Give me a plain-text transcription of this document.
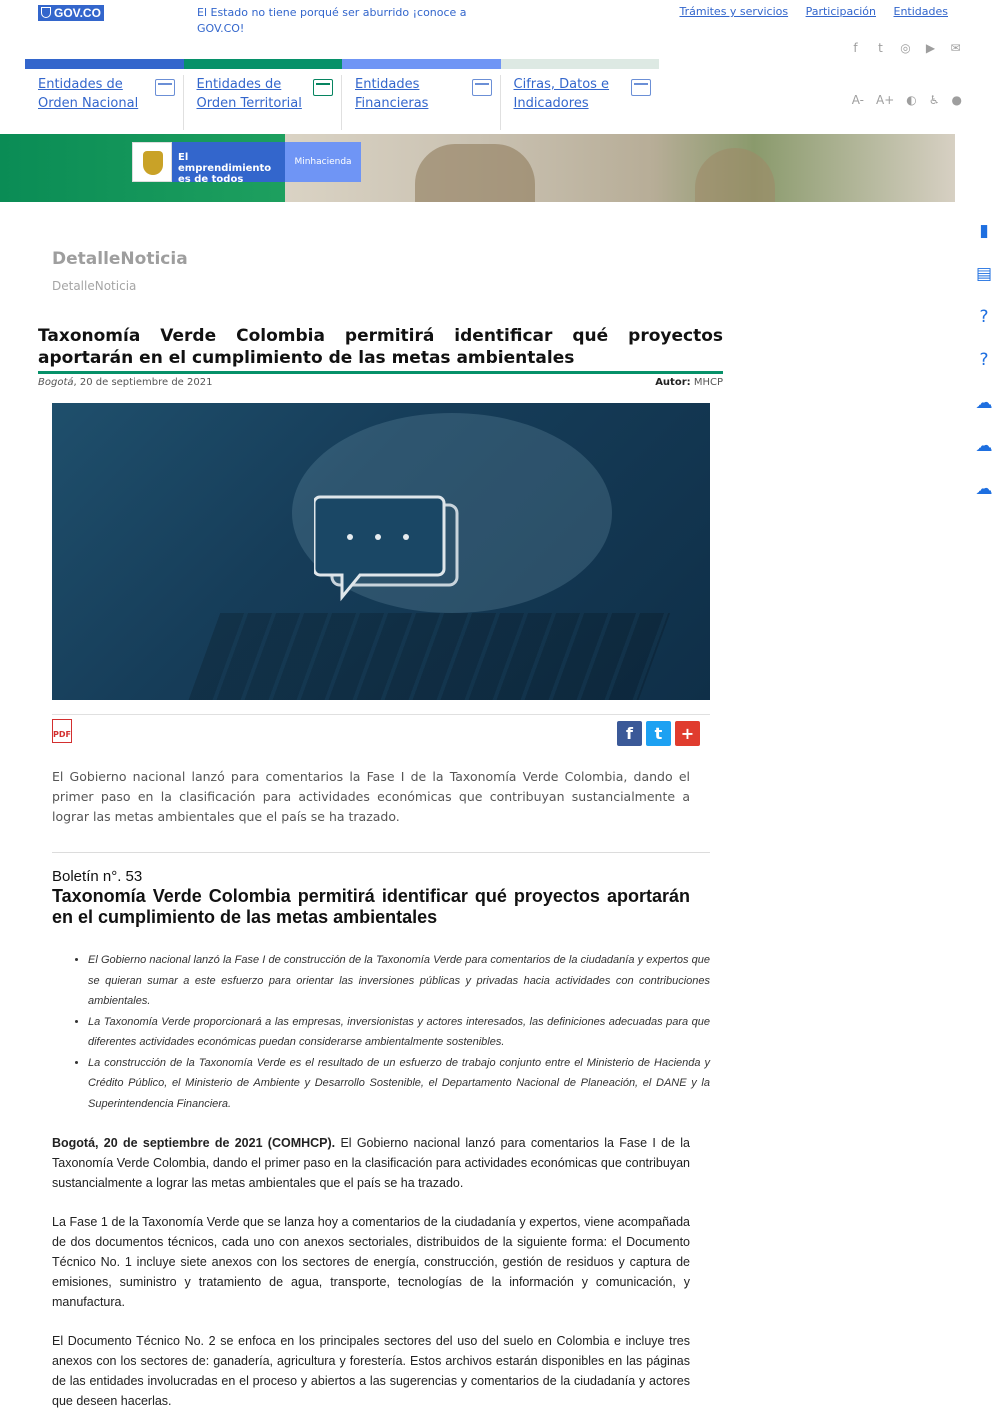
GOV.CO	El Estado no tiene porqué ser aburrido ¡conoce a GOV.CO!
Trámites y servicios Participación Entidades
f	t	◎ ▶ ✉
Entidades de Orden Nacional
Entidades de Orden Territorial
Entidades Financieras
Cifras, Datos e Indicadores	A- A+ ◐ ♿ ●
El emprendimiento es de todos
Minhacienda
▮
▤
?
?
☁
☁
☁
DetalleNoticia
DetalleNoticia
Taxonomía Verde Colombia permitirá identificar qué proyectos aportarán en el cumplimiento de las metas ambientales
Bogotá, 20 de septiembre de 2021	Autor: MHCP
PDF	f	t	+

El Gobierno nacional lanzó para comentarios la Fase I de la Taxonomía Verde Colombia, dando el primer paso en la clasificación para actividades económicas que contribuyan sustancialmente a lograr las metas ambientales que el país se ha trazado.

Boletín n°. 53
Taxonomía Verde Colombia permitirá identificar qué proyectos aportarán en el cumplimiento de las metas ambientales
• El Gobierno nacional lanzó la Fase I de construcción de la Taxonomía Verde para comentarios de la ciudadanía y expertos que se quieran sumar a este esfuerzo para orientar las inversiones públicas y privadas hacia actividades con contribuciones ambientales.
• La Taxonomía Verde proporcionará a las empresas, inversionistas y actores interesados, las definiciones adecuadas para que diferentes actividades económicas puedan considerarse ambientalmente sostenibles.
• La construcción de la Taxonomía Verde es el resultado de un esfuerzo de trabajo conjunto entre el Ministerio de Hacienda y Crédito Público, el Ministerio de Ambiente y Desarrollo Sostenible, el Departamento Nacional de Planeación, el DANE y la Superintendencia Financiera.

Bogotá, 20 de septiembre de 2021 (COMHCP). El Gobierno nacional lanzó para comentarios la Fase I de la Taxonomía Verde Colombia, dando el primer paso en la clasificación para actividades económicas que contribuyan sustancialmente a lograr las metas ambientales que el país se ha trazado.

La Fase 1 de la Taxonomía Verde que se lanza hoy a comentarios de la ciudadanía y expertos, viene acompañada de dos documentos técnicos, cada uno con anexos sectoriales, distribuidos de la siguiente forma: el Documento Técnico No. 1 incluye siete anexos con los sectores de energía, construcción, gestión de residuos y captura de emisiones, suministro y tratamiento de agua, transporte, tecnologías de la información y comunicación, y manufactura.

El Documento Técnico No. 2 se enfoca en los principales sectores del uso del suelo en Colombia e incluye tres anexos con los sectores de: ganadería, agricultura y forestería. Estos archivos estarán disponibles en las páginas de las entidades involucradas en el proceso y abiertos a las sugerencias y comentarios de la ciudadanía y actores que deseen hacerlas.
